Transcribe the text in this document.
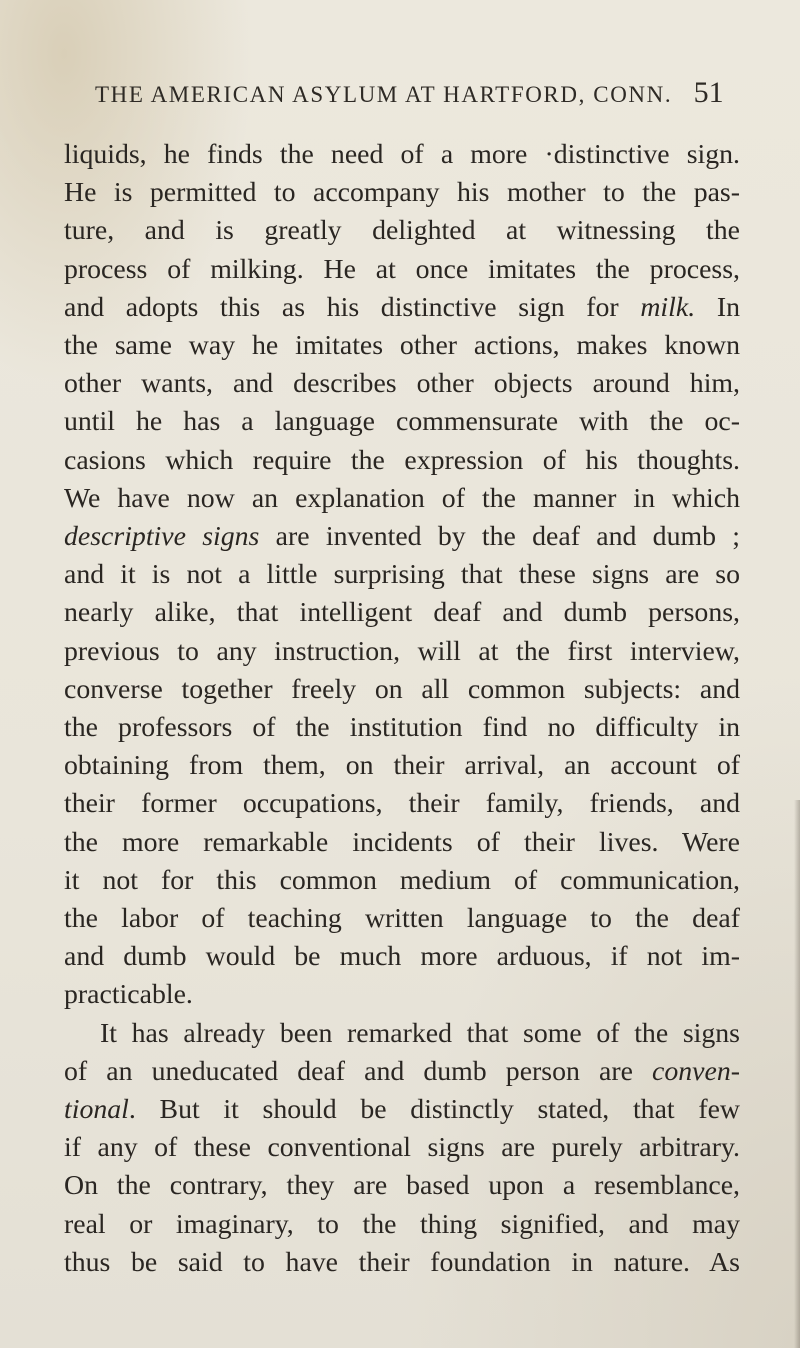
THE AMERICAN ASYLUM AT HARTFORD, CONN. 51
liquids, he finds the need of a more ·distinctive sign.
He is permitted to accompany his mother to the pas-
ture, and is greatly delighted at witnessing the
process of milking. He at once imitates the process,
and adopts this as his distinctive sign for milk. In
the same way he imitates other actions, makes known
other wants, and describes other objects around him,
until he has a language commensurate with the oc-
casions which require the expression of his thoughts.
We have now an explanation of the manner in which
descriptive signs are invented by the deaf and dumb ;
and it is not a little surprising that these signs are so
nearly alike, that intelligent deaf and dumb persons,
previous to any instruction, will at the first interview,
converse together freely on all common subjects: and
the professors of the institution find no difficulty in
obtaining from them, on their arrival, an account of
their former occupations, their family, friends, and
the more remarkable incidents of their lives. Were
it not for this common medium of communication,
the labor of teaching written language to the deaf
and dumb would be much more arduous, if not im-
practicable.
It has already been remarked that some of the signs
of an uneducated deaf and dumb person are conven-
tional. But it should be distinctly stated, that few
if any of these conventional signs are purely arbitrary.
On the contrary, they are based upon a resemblance,
real or imaginary, to the thing signified, and may
thus be said to have their foundation in nature. As
